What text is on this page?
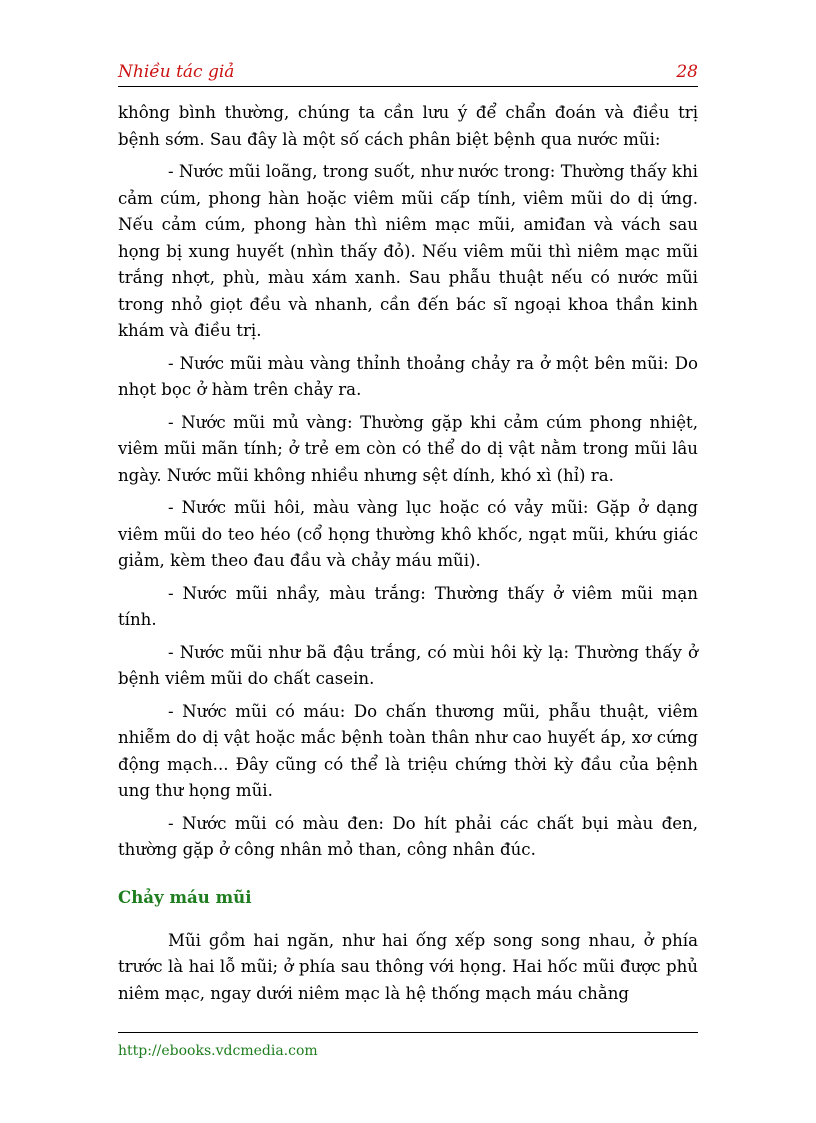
Nhiều tác giả	28

không bình thường, chúng ta cần lưu ý để chẩn đoán và điều trị bệnh sớm. Sau đây là một số cách phân biệt bệnh qua nước mũi:

- Nước mũi loãng, trong suốt, như nước trong: Thường thấy khi cảm cúm, phong hàn hoặc viêm mũi cấp tính, viêm mũi do dị ứng. Nếu cảm cúm, phong hàn thì niêm mạc mũi, amiđan và vách sau họng bị xung huyết (nhìn thấy đỏ). Nếu viêm mũi thì niêm mạc mũi trắng nhợt, phù, màu xám xanh. Sau phẫu thuật nếu có nước mũi trong nhỏ giọt đều và nhanh, cần đến bác sĩ ngoại khoa thần kinh khám và điều trị.

- Nước mũi màu vàng thỉnh thoảng chảy ra ở một bên mũi: Do nhọt bọc ở hàm trên chảy ra.

- Nước mũi mủ vàng: Thường gặp khi cảm cúm phong nhiệt, viêm mũi mãn tính; ở trẻ em còn có thể do dị vật nằm trong mũi lâu ngày. Nước mũi không nhiều nhưng sệt dính, khó xì (hỉ) ra.

- Nước mũi hôi, màu vàng lục hoặc có vảy mũi: Gặp ở dạng viêm mũi do teo héo (cổ họng thường khô khốc, ngạt mũi, khứu giác giảm, kèm theo đau đầu và chảy máu mũi).

- Nước mũi nhầy, màu trắng: Thường thấy ở viêm mũi mạn tính.

- Nước mũi như bã đậu trắng, có mùi hôi kỳ lạ: Thường thấy ở bệnh viêm mũi do chất casein.

- Nước mũi có máu: Do chấn thương mũi, phẫu thuật, viêm nhiễm do dị vật hoặc mắc bệnh toàn thân như cao huyết áp, xơ cứng động mạch... Đây cũng có thể là triệu chứng thời kỳ đầu của bệnh ung thư họng mũi.

- Nước mũi có màu đen: Do hít phải các chất bụi màu đen, thường gặp ở công nhân mỏ than, công nhân đúc.

Chảy máu mũi

Mũi gồm hai ngăn, như hai ống xếp song song nhau, ở phía trước là hai lỗ mũi; ở phía sau thông với họng. Hai hốc mũi được phủ niêm mạc, ngay dưới niêm mạc là hệ thống mạch máu chằng

http://ebooks.vdcmedia.com
